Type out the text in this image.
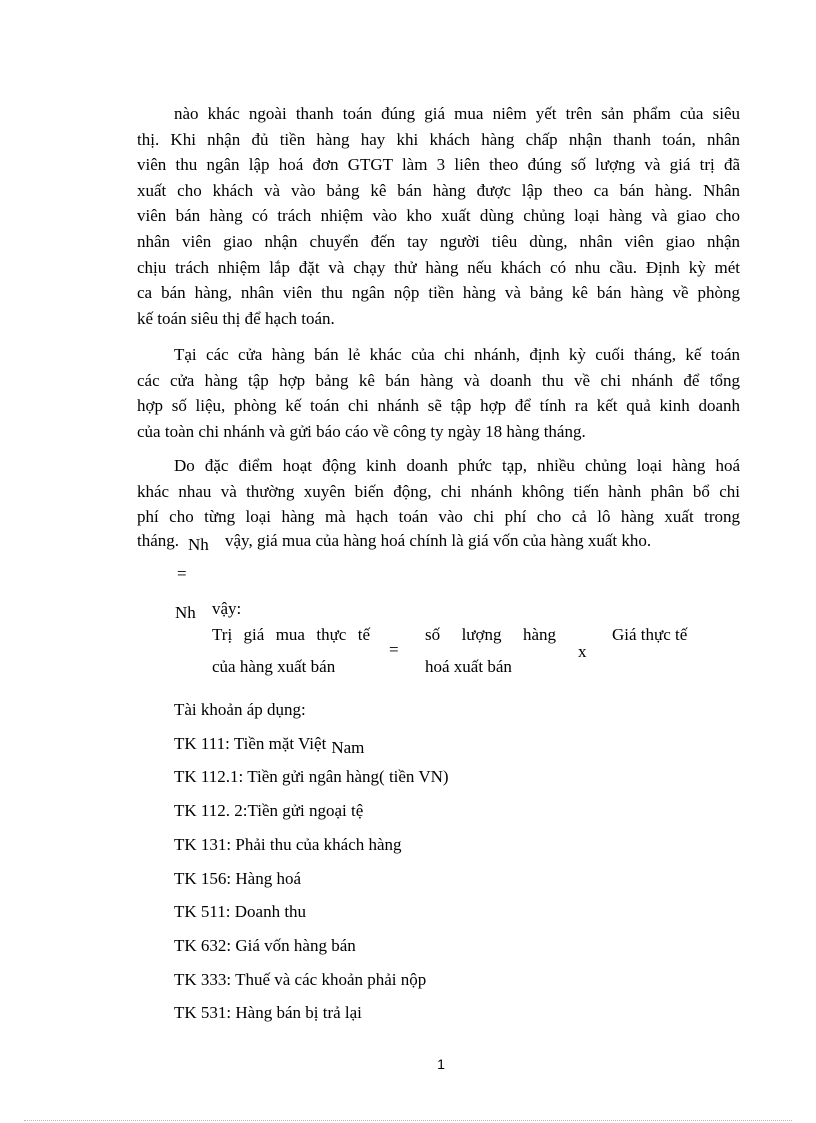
nào khác ngoài thanh toán đúng giá mua niêm yết trên sản phẩm của siêu
thị. Khi nhận đủ tiền hàng hay khi khách hàng chấp nhận thanh toán, nhân
viên thu ngân lập hoá đơn GTGT làm 3 liên theo đúng số lượng và giá trị đã
xuất cho khách và vào bảng kê bán hàng được lập theo ca bán hàng. Nhân
viên bán hàng có trách nhiệm vào kho xuất dùng chủng loại hàng và giao cho
nhân viên giao nhận chuyển đến tay người tiêu dùng, nhân viên giao nhận
chịu trách nhiệm lắp đặt và chạy thử hàng nếu khách có nhu cầu. Định kỳ mét
ca bán hàng, nhân viên thu ngân nộp tiền hàng và bảng kê bán hàng về phòng
kế toán siêu thị để hạch toán.
Tại các cửa hàng bán lẻ khác của chi nhánh, định kỳ cuối tháng, kế toán
các cửa hàng tập hợp bảng kê bán hàng và doanh thu về chi nhánh để tổng
hợp số liệu, phòng kế toán chi nhánh sẽ tập hợp để tính ra kết quả kinh doanh
của toàn chi nhánh và gửi báo cáo về công ty ngày 18 hàng tháng.
Do đặc điểm hoạt động kinh doanh phức tạp, nhiều chủng loại hàng hoá
khác nhau và thường xuyên biến động, chi nhánh không tiến hành phân bổ chi
phí cho từng loại hàng mà hạch toán vào chi phí cho cả lô hàng xuất trong
tháng. Nh vậy, giá mua của hàng hoá chính là giá vốn của hàng xuất kho.
=
Nh vậy:
Trị giá mua thực tế
của hàng xuất bán
=
số lượng hàng
hoá xuất bán
x
Giá thực tế
Tài khoản áp dụng:
TK 111: Tiền mặt Việt Nam
TK 112.1: Tiền gửi ngân hàng( tiền VN)
TK 112. 2:Tiền gửi ngoại tệ
TK 131: Phải thu của khách hàng
TK 156: Hàng hoá
TK 511: Doanh thu
TK 632: Giá vốn hàng bán
TK 333: Thuế và các khoản phải nộp
TK 531: Hàng bán bị trả lại
1
